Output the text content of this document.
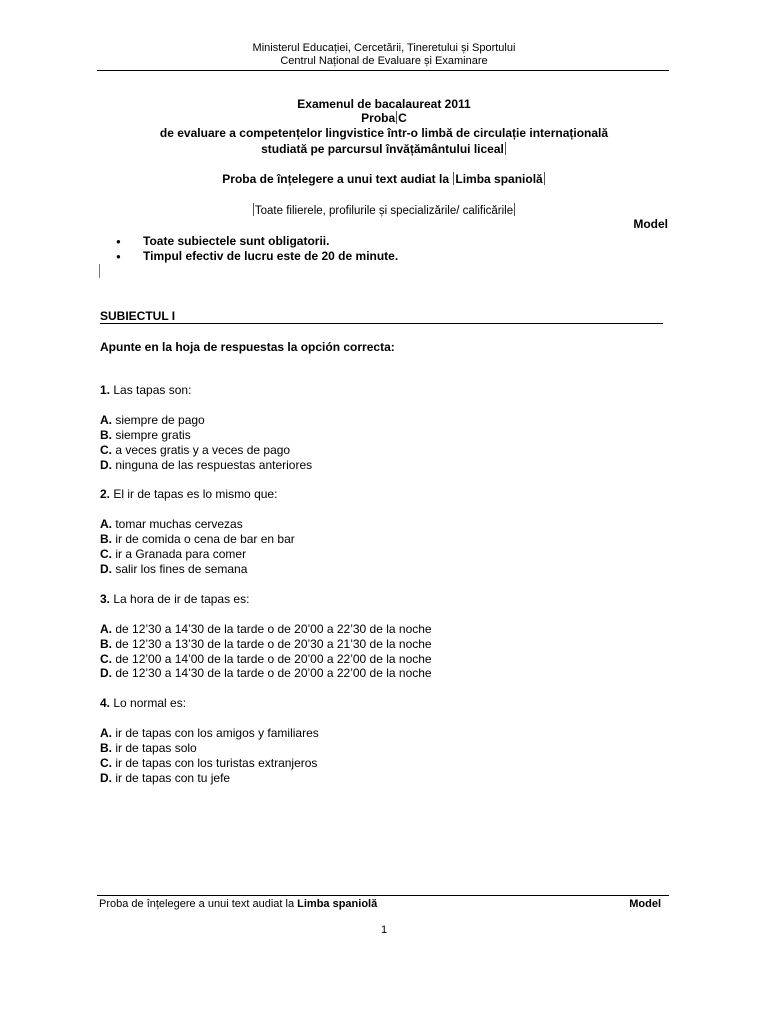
Ministerul Educației, Cercetării, Tineretului și Sportului
Centrul Național de Evaluare și Examinare
Examenul de bacalaureat 2011
Proba C
de evaluare a competențelor lingvistice într-o limbă de circulație internațională
studiată pe parcursul învățământului liceal
Proba de înțelegere a unui text audiat la Limba spaniolă
Toate filierele, profilurile și specializările/ calificările
Model
●	Toate subiectele sunt obligatorii.
●	Timpul efectiv de lucru este de 20 de minute.
SUBIECTUL I
Apunte en la hoja de respuestas la opción correcta:
1. Las tapas son:
A. siempre de pago
B. siempre gratis
C. a veces gratis y a veces de pago
D. ninguna de las respuestas anteriores
2. El ir de tapas es lo mismo que:
A. tomar muchas cervezas
B. ir de comida o cena de bar en bar
C. ir a Granada para comer
D. salir los fines de semana
3. La hora de ir de tapas es:
A. de 12’30 a 14’30 de la tarde o de 20’00 a 22’30 de la noche
B. de 12’30 a 13’30 de la tarde o de 20’30 a 21’30 de la noche
C. de 12’00 a 14’00 de la tarde o de 20’00 a 22’00 de la noche
D. de 12’30 a 14’30 de la tarde o de 20’00 a 22’00 de la noche
4. Lo normal es:
A. ir de tapas con los amigos y familiares
B. ir de tapas solo
C. ir de tapas con los turistas extranjeros
D. ir de tapas con tu jefe
Proba de înțelegere a unui text audiat la Limba spaniolă	Model
1
